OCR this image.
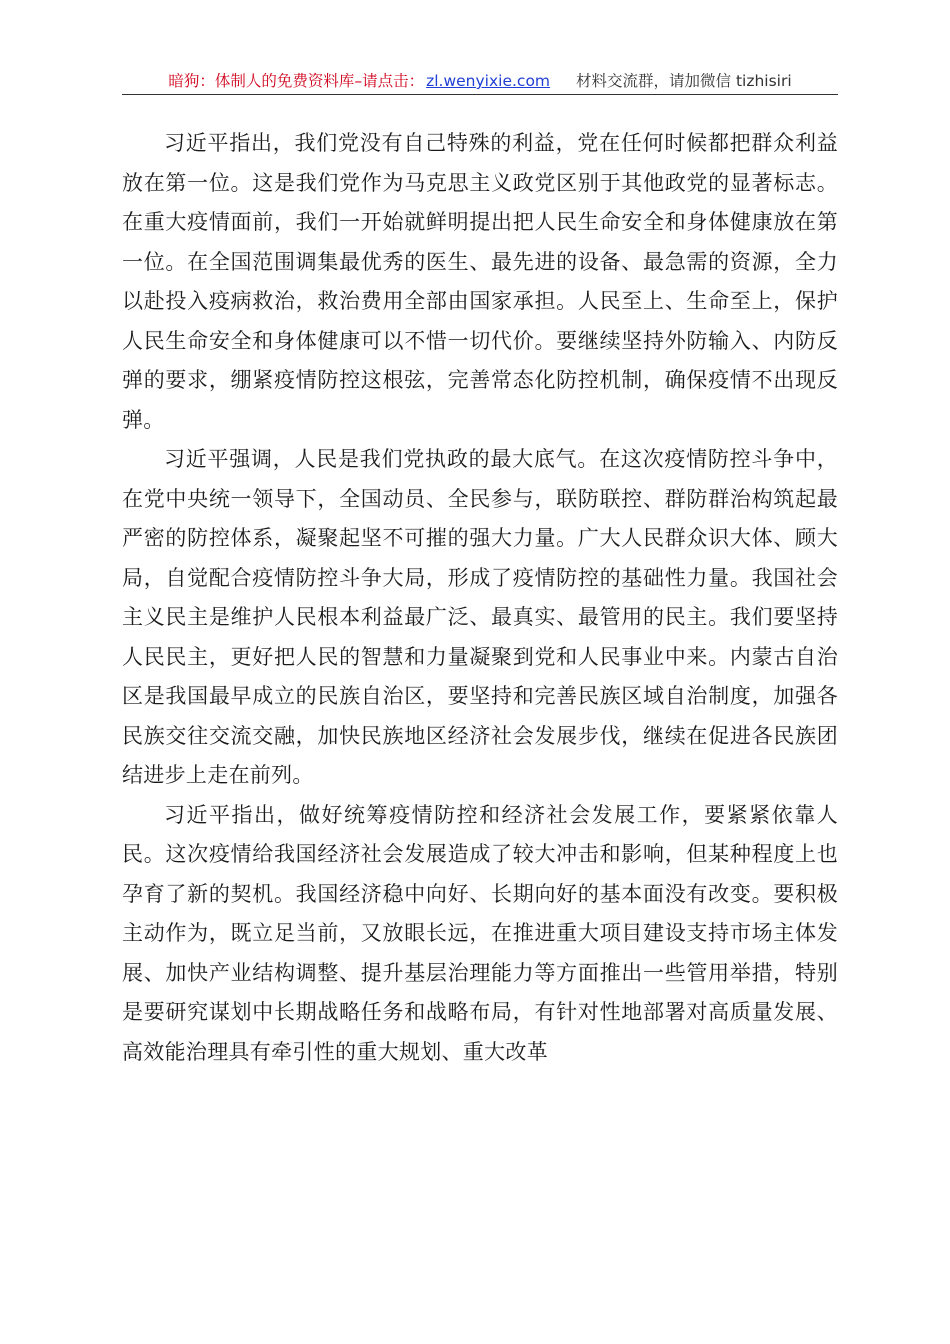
暗狗：体制人的免费资料库–请点击： zl.wenyixie.com 材料交流群，请加微信 tizhisiri

习近平指出，我们党没有自己特殊的利益，党在任何时候都把群众利益放在第一位。这是我们党作为马克思主义政党区别于其他政党的显著标志。在重大疫情面前，我们一开始就鲜明提出把人民生命安全和身体健康放在第一位。在全国范围调集最优秀的医生、最先进的设备、最急需的资源，全力以赴投入疫病救治，救治费用全部由国家承担。人民至上、生命至上，保护人民生命安全和身体健康可以不惜一切代价。要继续坚持外防输入、内防反弹的要求，绷紧疫情防控这根弦，完善常态化防控机制，确保疫情不出现反弹。

习近平强调，人民是我们党执政的最大底气。在这次疫情防控斗争中，在党中央统一领导下，全国动员、全民参与，联防联控、群防群治构筑起最严密的防控体系，凝聚起坚不可摧的强大力量。广大人民群众识大体、顾大局，自觉配合疫情防控斗争大局，形成了疫情防控的基础性力量。我国社会主义民主是维护人民根本利益最广泛、最真实、最管用的民主。我们要坚持人民民主，更好把人民的智慧和力量凝聚到党和人民事业中来。内蒙古自治区是我国最早成立的民族自治区，要坚持和完善民族区域自治制度，加强各民族交往交流交融，加快民族地区经济社会发展步伐，继续在促进各民族团结进步上走在前列。

习近平指出，做好统筹疫情防控和经济社会发展工作，要紧紧依靠人民。这次疫情给我国经济社会发展造成了较大冲击和影响，但某种程度上也孕育了新的契机。我国经济稳中向好、长期向好的基本面没有改变。要积极主动作为，既立足当前，又放眼长远，在推进重大项目建设支持市场主体发展、加快产业结构调整、提升基层治理能力等方面推出一些管用举措，特别是要研究谋划中长期战略任务和战略布局，有针对性地部署对高质量发展、高效能治理具有牵引性的重大规划、重大改革
